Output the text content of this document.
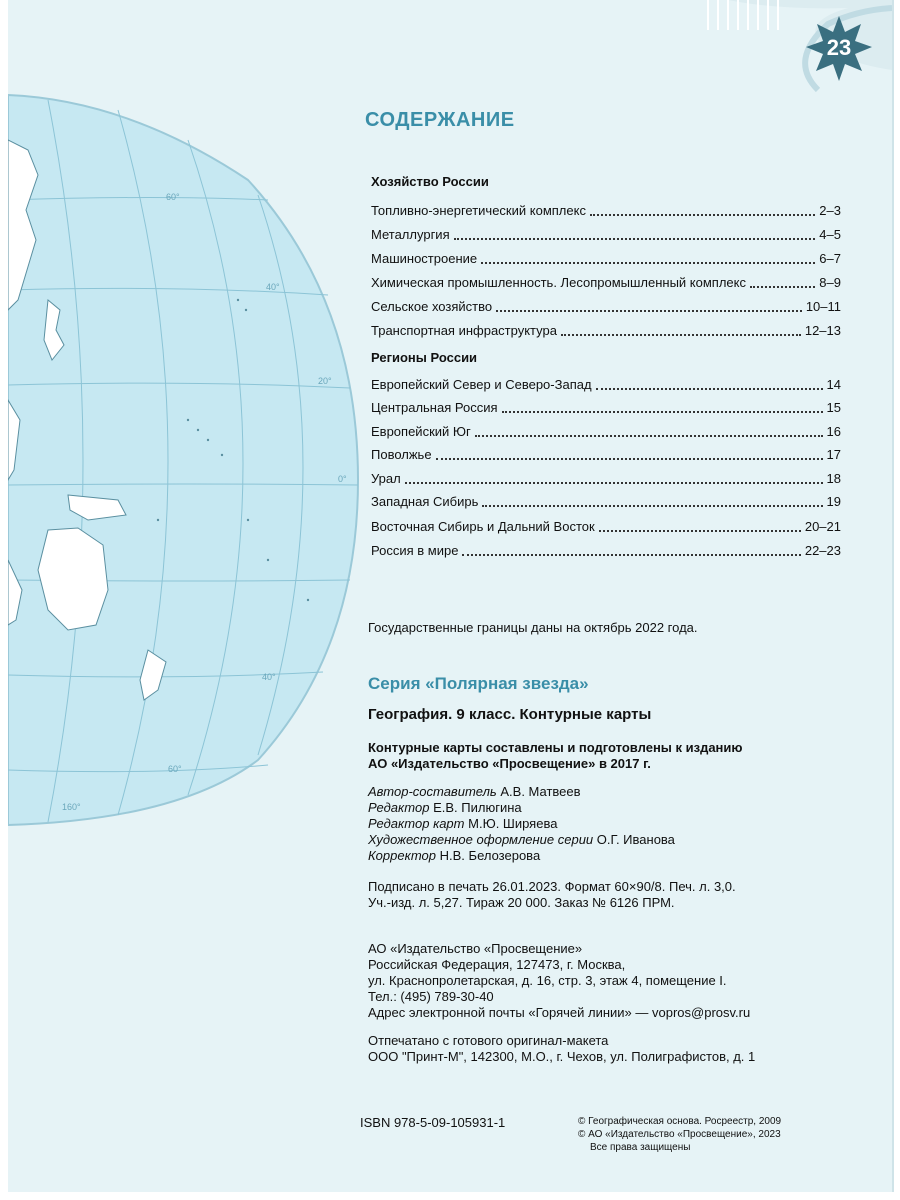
60°
40°
20°
0°
40°
60°
160°
23
СОДЕРЖАНИЕ
Хозяйство России
Топливно-энергетический комплекс	2–3
Металлургия	4–5
Машиностроение	6–7
Химическая промышленность. Лесопромышленный комплекс	8–9
Сельское хозяйство	10–11
Транспортная инфраструктура	12–13
Регионы России
Европейский Север и Северо-Запад	14
Центральная Россия	15
Европейский Юг	16
Поволжье	17
Урал	18
Западная Сибирь	19
Восточная Сибирь и Дальний Восток	20–21
Россия в мире	22–23
Государственные границы даны на октябрь 2022 года.
Серия «Полярная звезда»
География. 9 класс. Контурные карты
Контурные карты составлены и подготовлены к изданию
АО «Издательство «Просвещение» в 2017 г.
Автор-составитель А.В. Матвеев
Редактор Е.В. Пилюгина
Редактор карт М.Ю. Ширяева
Художественное оформление серии О.Г. Иванова
Корректор Н.В. Белозерова
Подписано в печать 26.01.2023. Формат 60×90/8. Печ. л. 3,0.
Уч.-изд. л. 5,27. Тираж 20 000. Заказ № 6126 ПРМ.
АО «Издательство «Просвещение»
Российская Федерация, 127473, г. Москва,
ул. Краснопролетарская, д. 16, стр. 3, этаж 4, помещение I.
Тел.: (495) 789-30-40
Адрес электронной почты «Горячей линии» — vopros@prosv.ru
Отпечатано с готового оригинал-макета
ООО "Принт-М", 142300, М.О., г. Чехов, ул. Полиграфистов, д. 1
ISBN 978-5-09-105931-1	© Географическая основа. Росреестр, 2009
© АО «Издательство «Просвещение», 2023
Все права защищены
